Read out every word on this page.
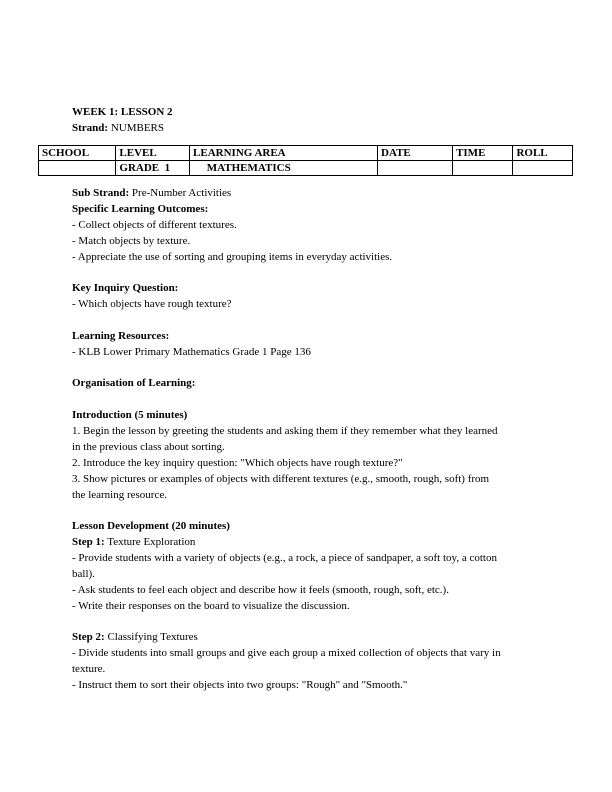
WEEK 1: LESSON 2
Strand: NUMBERS
SCHOOL	LEVEL	LEARNING AREA	DATE	TIME	ROLL
	GRADE  1	MATHEMATICS			
Sub Strand: Pre-Number Activities
Specific Learning Outcomes:
- Collect objects of different textures.
- Match objects by texture.
- Appreciate the use of sorting and grouping items in everyday activities.
Key Inquiry Question:
- Which objects have rough texture?
Learning Resources:
- KLB Lower Primary Mathematics Grade 1 Page 136
Organisation of Learning:
Introduction (5 minutes)
1. Begin the lesson by greeting the students and asking them if they remember what they learned
in the previous class about sorting.
2. Introduce the key inquiry question: "Which objects have rough texture?"
3. Show pictures or examples of objects with different textures (e.g., smooth, rough, soft) from
the learning resource.
Lesson Development (20 minutes)
Step 1: Texture Exploration
- Provide students with a variety of objects (e.g., a rock, a piece of sandpaper, a soft toy, a cotton
ball).
- Ask students to feel each object and describe how it feels (smooth, rough, soft, etc.).
- Write their responses on the board to visualize the discussion.
Step 2: Classifying Textures
- Divide students into small groups and give each group a mixed collection of objects that vary in
texture.
- Instruct them to sort their objects into two groups: "Rough" and "Smooth."
